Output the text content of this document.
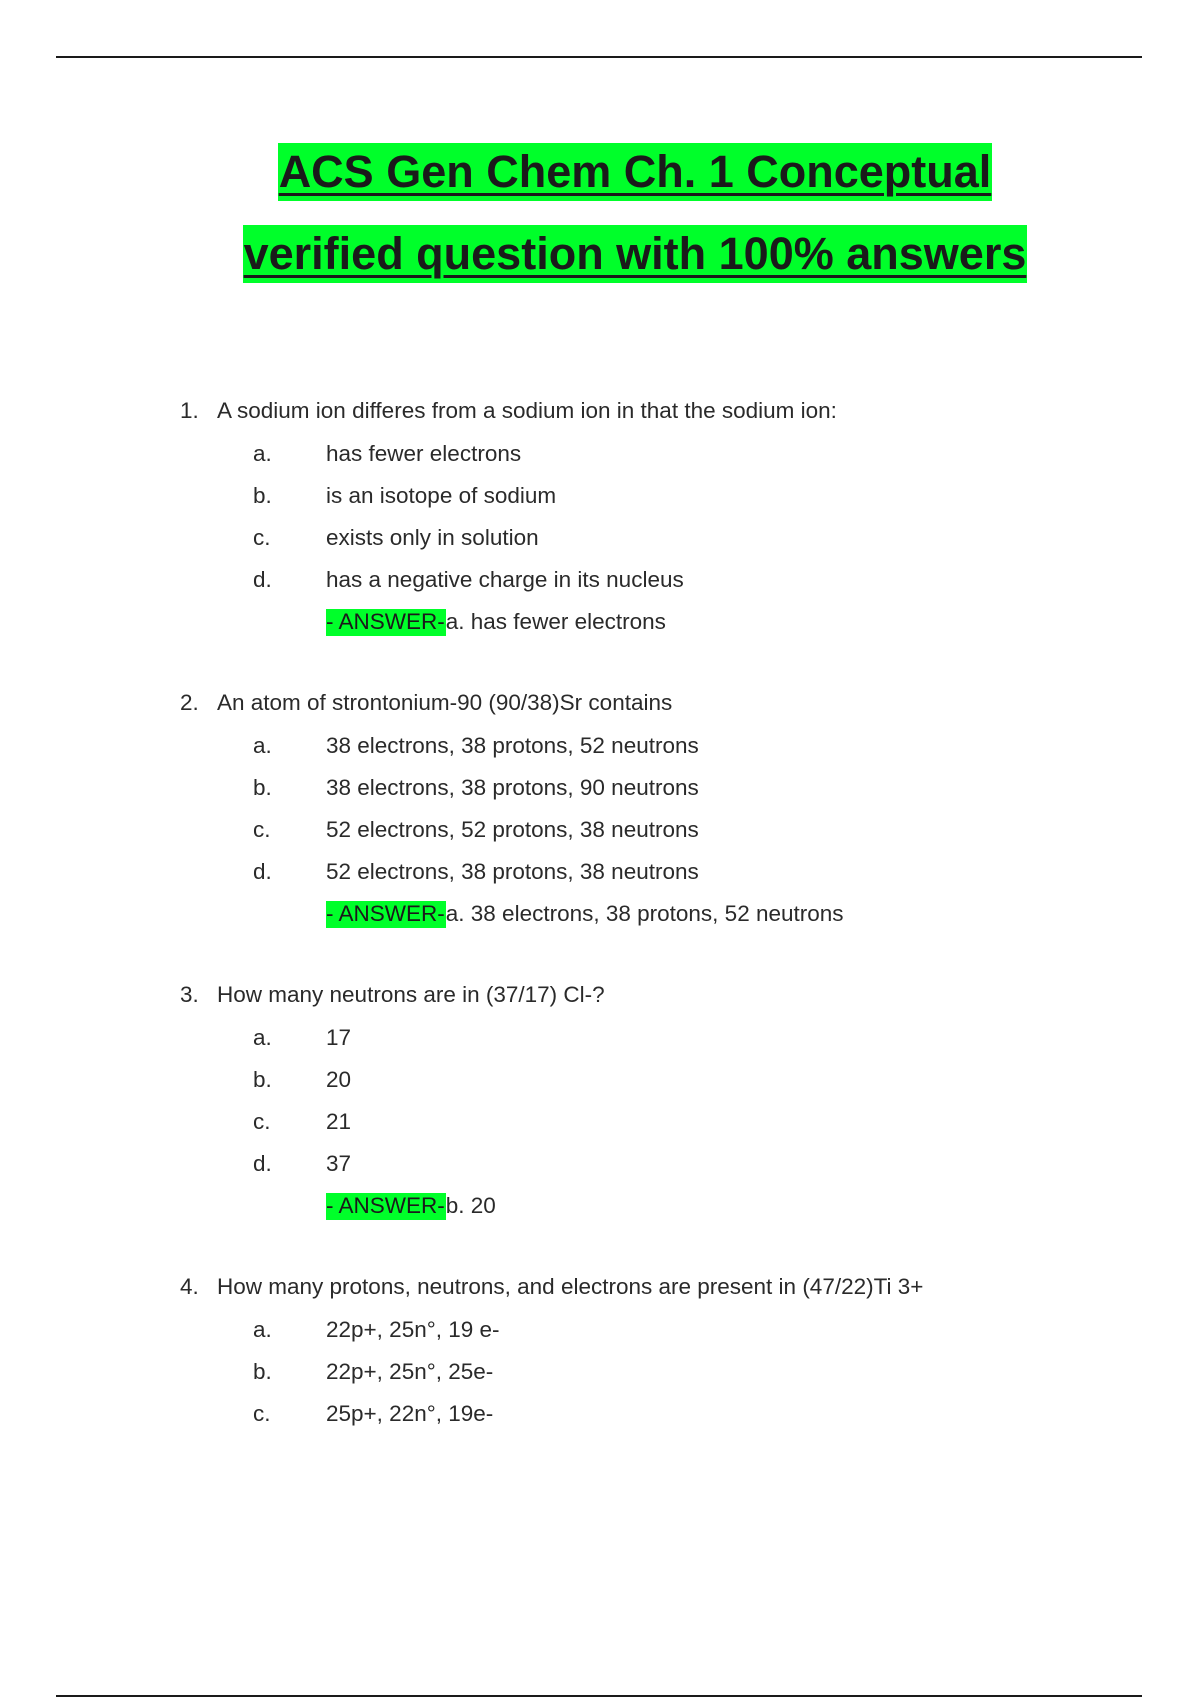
ACS Gen Chem Ch. 1 Conceptual
verified question with 100% answers
1. A sodium ion differes from a sodium ion in that the sodium ion:
a. has fewer electrons
b. is an isotope of sodium
c. exists only in solution
d. has a negative charge in its nucleus
- ANSWER-a. has fewer electrons
2. An atom of strontonium-90 (90/38)Sr contains
a. 38 electrons, 38 protons, 52 neutrons
b. 38 electrons, 38 protons, 90 neutrons
c. 52 electrons, 52 protons, 38 neutrons
d. 52 electrons, 38 protons, 38 neutrons
- ANSWER-a. 38 electrons, 38 protons, 52 neutrons
3. How many neutrons are in (37/17) Cl-?
a. 17
b. 20
c. 21
d. 37
- ANSWER-b. 20
4. How many protons, neutrons, and electrons are present in (47/22)Ti 3+
a. 22p+, 25n°, 19 e-
b. 22p+, 25n°, 25e-
c. 25p+, 22n°, 19e-
